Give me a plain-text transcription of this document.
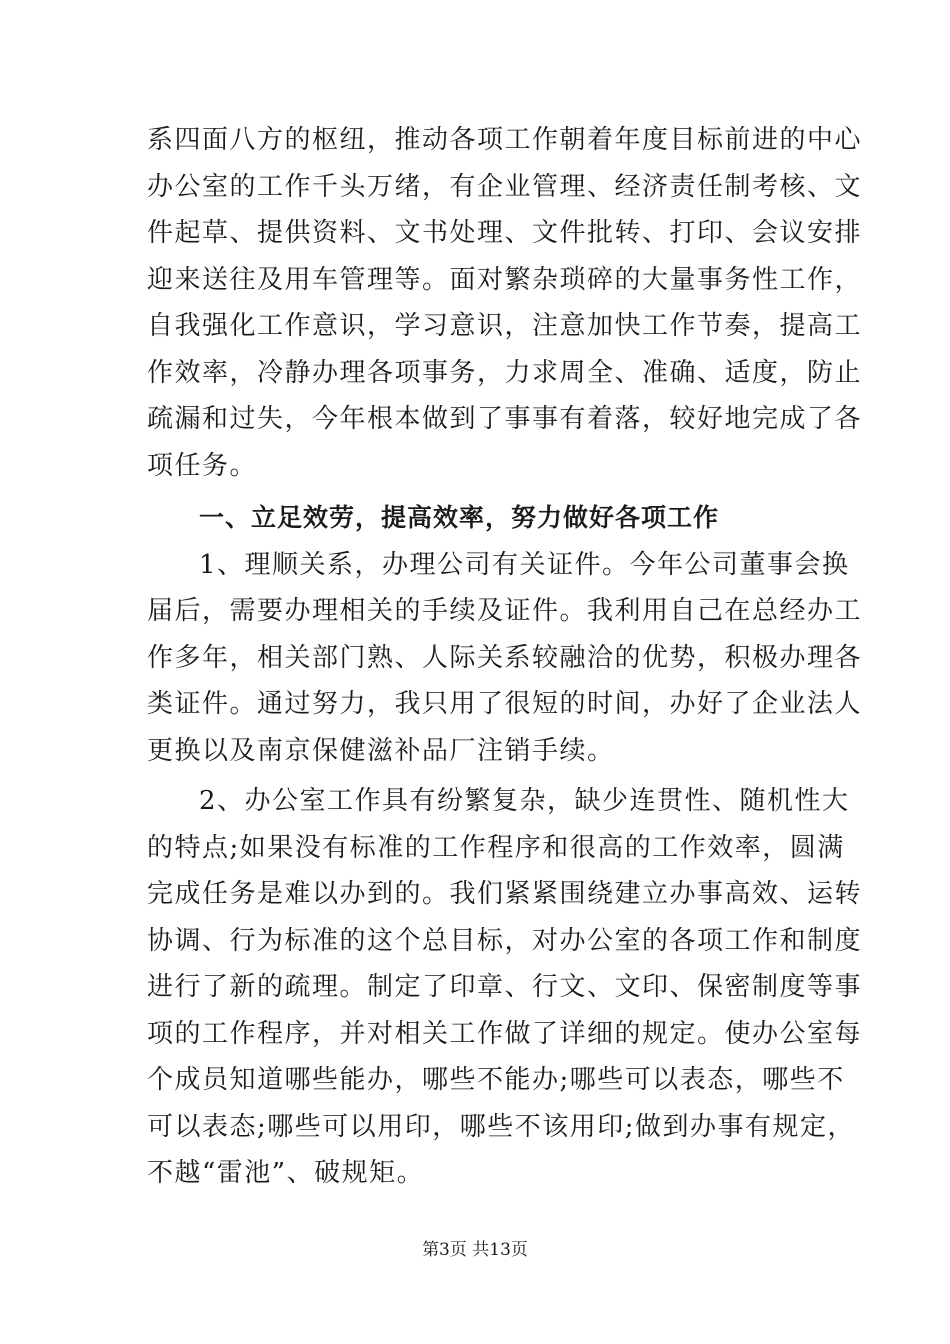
系四面八方的枢纽，推动各项工作朝着年度目标前进的中心
办公室的工作千头万绪，有企业管理、经济责任制考核、文
件起草、提供资料、文书处理、文件批转、打印、会议安排
迎来送往及用车管理等。面对繁杂琐碎的大量事务性工作，
自我强化工作意识，学习意识，注意加快工作节奏，提高工
作效率，冷静办理各项事务，力求周全、准确、适度，防止
疏漏和过失，今年根本做到了事事有着落，较好地完成了各
项任务。
一、立足效劳，提高效率，努力做好各项工作
1、理顺关系，办理公司有关证件。今年公司董事会换
届后，需要办理相关的手续及证件。我利用自己在总经办工
作多年，相关部门熟、人际关系较融洽的优势，积极办理各
类证件。通过努力，我只用了很短的时间，办好了企业法人
更换以及南京保健滋补品厂注销手续。
2、办公室工作具有纷繁复杂，缺少连贯性、随机性大
的特点;如果没有标准的工作程序和很高的工作效率，圆满
完成任务是难以办到的。我们紧紧围绕建立办事高效、运转
协调、行为标准的这个总目标，对办公室的各项工作和制度
进行了新的疏理。制定了印章、行文、文印、保密制度等事
项的工作程序，并对相关工作做了详细的规定。使办公室每
个成员知道哪些能办，哪些不能办;哪些可以表态，哪些不
可以表态;哪些可以用印，哪些不该用印;做到办事有规定，
不越“雷池”、破规矩。
第3页 共13页
